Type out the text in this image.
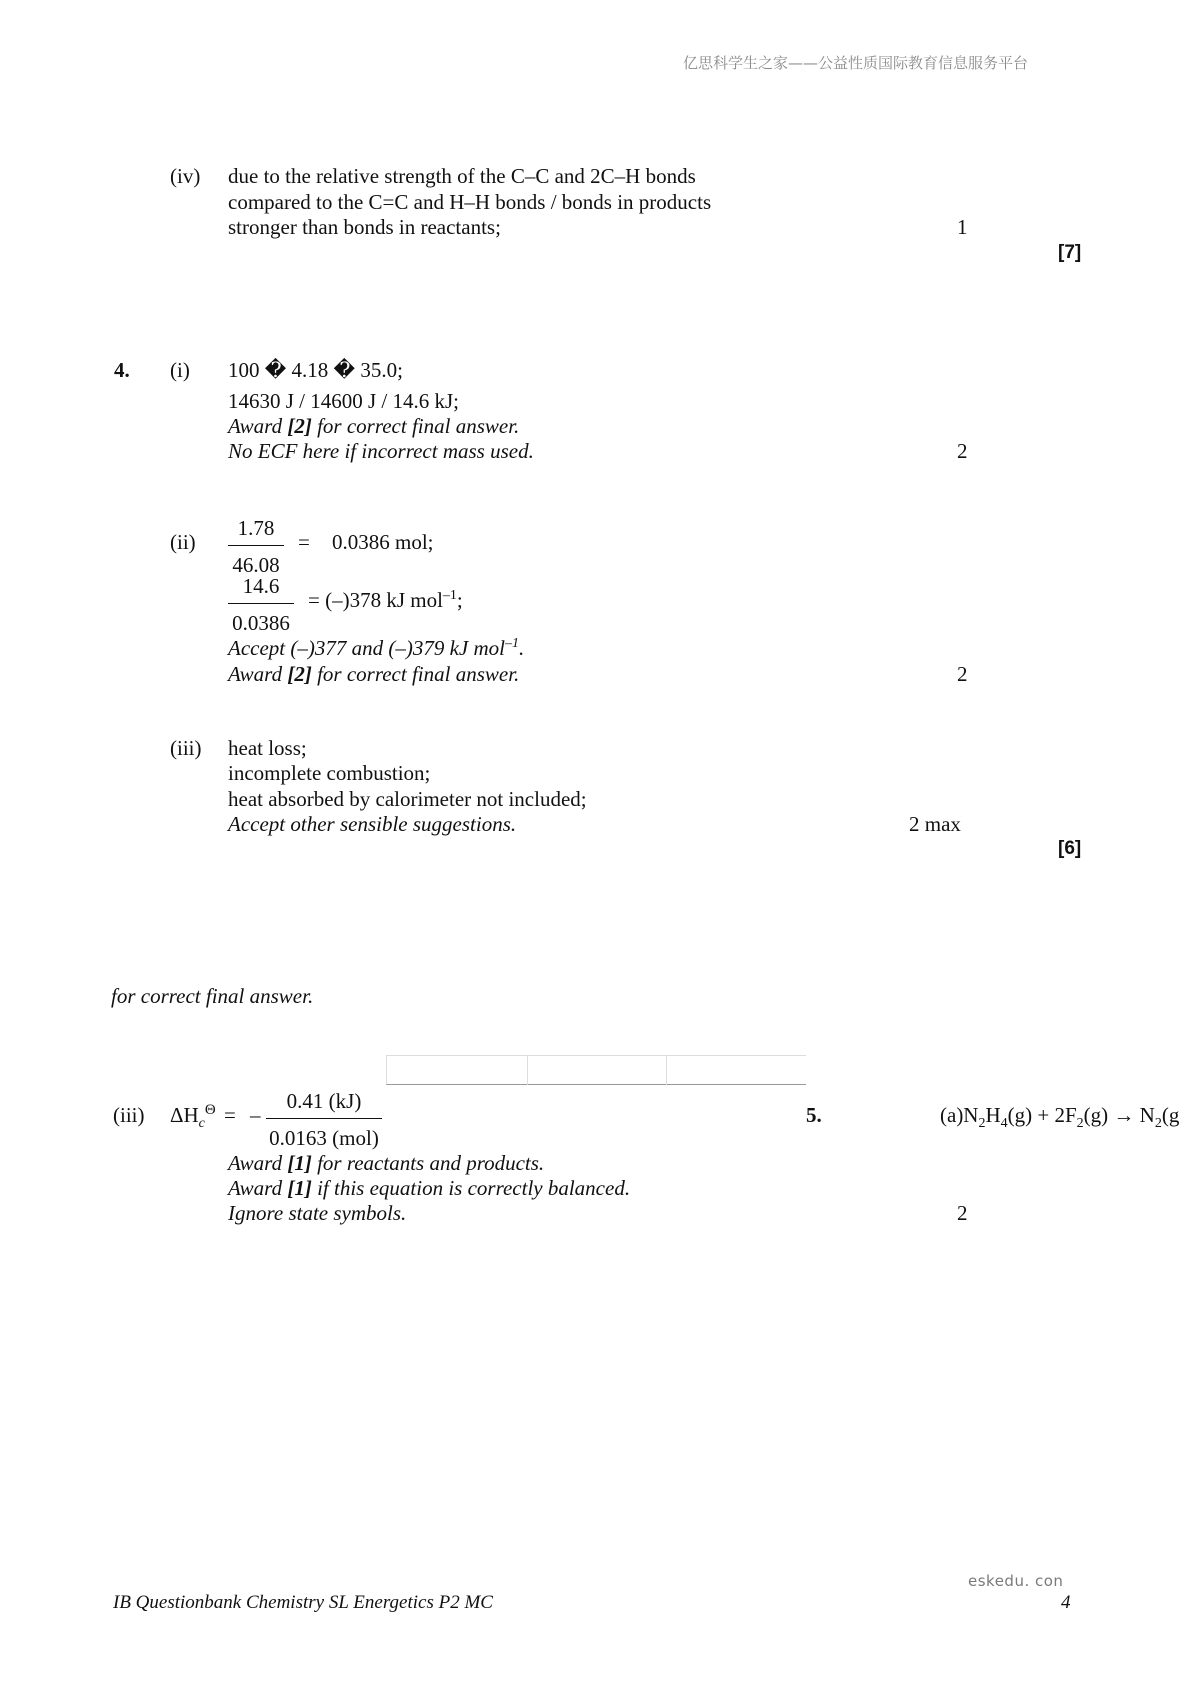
亿思科学生之家——公益性质国际教育信息服务平台
(iv) due to the relative strength of the C–C and 2C–H bonds
compared to the C=C and H–H bonds / bonds in products
stronger than bonds in reactants;	1
[7]
4. (i) 100 � 4.18 � 35.0;
14630 J / 14600 J / 14.6 kJ;
Award [2] for correct final answer.
No ECF here if incorrect mass used.	2
(ii)
1.78
46.08
= 0.0386 mol;
14.6
0.0386
= (–)378 kJ mol$^{-1}$;
Accept (–)377 and (–)379 kJ mol$^{-1}$.
Award [2] for correct final answer.	2
(iii) heat loss;
incomplete combustion;
heat absorbed by calorimeter not included;
Accept other sensible suggestions.	2 max
[6]
for correct final answer.
(iii) $\Delta H_c^\Theta$ = –
0.41 (kJ)
0.0163 (mol)
5.	$(a)N_2H_4(g) + 2F_2(g) \to N_2(g$
Award [1] for reactants and products.
Award [1] if this equation is correctly balanced.
Ignore state symbols.	2
eskedu. con
IB Questionbank Chemistry SL Energetics P2 MC	4
